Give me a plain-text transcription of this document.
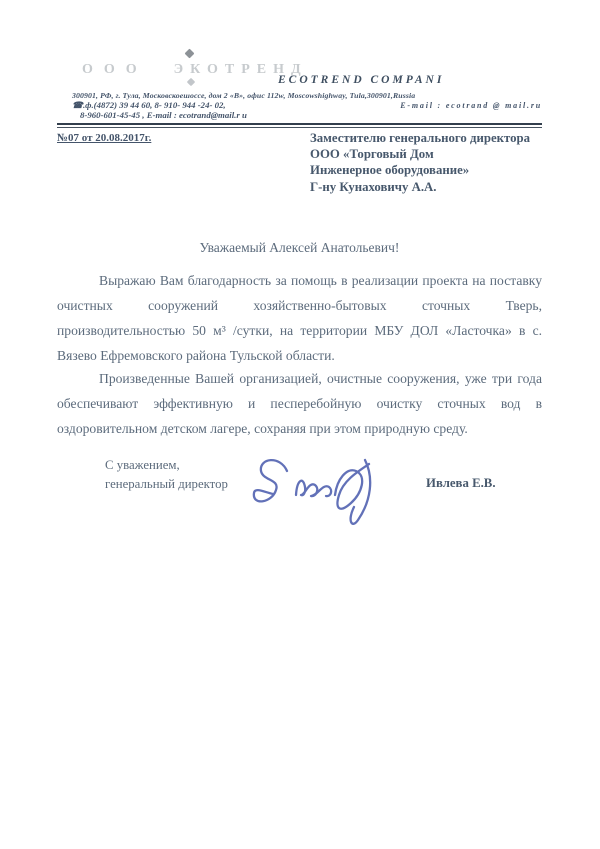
ООО ЭКОТРЕНД
ECOTREND COMPANI
300901, РФ, г. Тула, Московскоешоссе, дом 2 «В», офис 112w, Moscowshighway, Tula,300901,Russia
☎.ф.(4872) 39 44 60, 8- 910- 944 -24- 02,	E-mail : ecotrand @ mail.ru
8-960-601-45-45 , E-mail : ecotrand@mail.r u
№07 от 20.08.2017г.	Заместителю генерального директора
ООО «Торговый Дом
Инженерное оборудование»
Г-ну Кунаховичу А.А.
Уважаемый Алексей Анатольевич!

Выражаю Вам благодарность за помощь в реализации проекта на поставку очистных сооружений хозяйственно-бытовых сточных Тверь, производительностью 50 м³ /сутки, на территории МБУ ДОЛ «Ласточка» в с. Вязево Ефремовского района Тульской области.

Произведенные Вашей организацией, очистные сооружения, уже три года обеспечивают эффективную и песперебойную очистку сточных вод в оздоровительном детском лагере, сохраняя при этом природную среду.

С уважением,
генеральный директор	Ивлева Е.В.
